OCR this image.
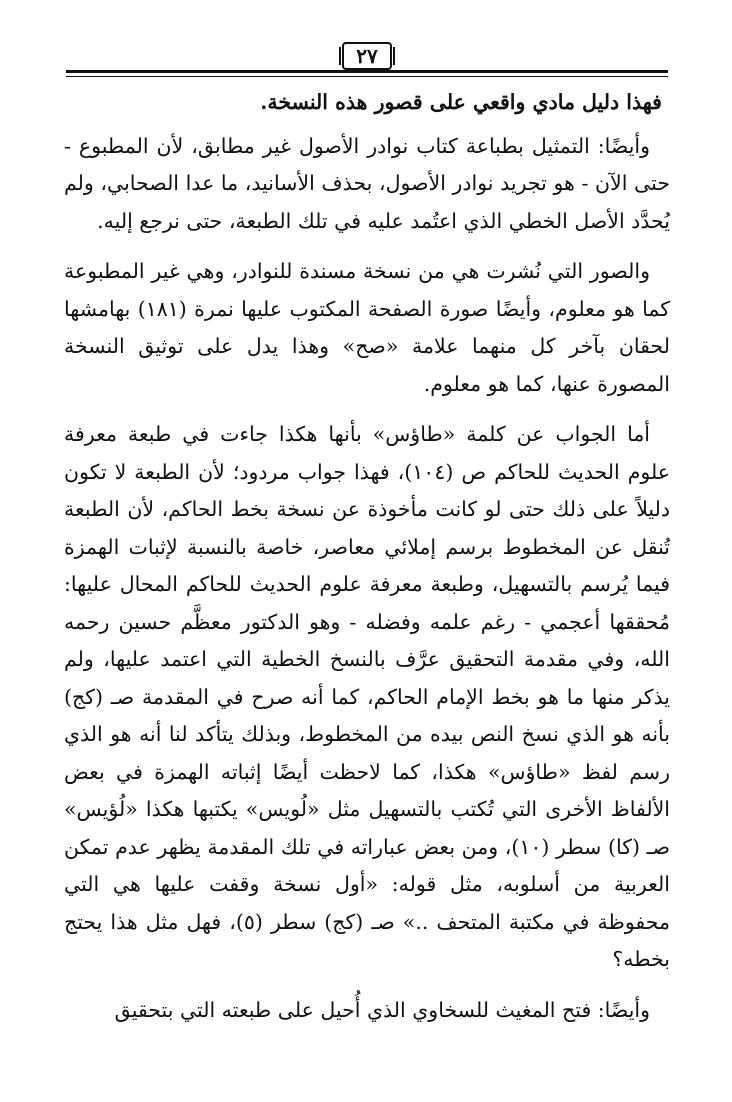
٢٧

فهذا دليل مادي واقعي على قصور هذه النسخة.

وأيضًا: التمثيل بطباعة كتاب نوادر الأصول غير مطابق، لأن المطبوع - حتى الآن - هو تجريد نوادر الأصول، بحذف الأسانيد، ما عدا الصحابي، ولم يُحدَّد الأصل الخطي الذي اعتُمد عليه في تلك الطبعة، حتى نرجع إليه.

والصور التي نُشرت هي من نسخة مسندة للنوادر، وهي غير المطبوعة كما هو معلوم، وأيضًا صورة الصفحة المكتوب عليها نمرة (١٨١) بهامشها لحقان بآخر كل منهما علامة «صح» وهذا يدل على توثيق النسخة المصورة عنها، كما هو معلوم.

أما الجواب عن كلمة «طاؤس» بأنها هكذا جاءت في طبعة معرفة علوم الحديث للحاكم ص (١٠٤)، فهذا جواب مردود؛ لأن الطبعة لا تكون دليلاً على ذلك حتى لو كانت مأخوذة عن نسخة بخط الحاكم، لأن الطبعة تُنقل عن المخطوط برسم إملائي معاصر، خاصة بالنسبة لإثبات الهمزة فيما يُرسم بالتسهيل، وطبعة معرفة علوم الحديث للحاكم المحال عليها: مُحققها أعجمي - رغم علمه وفضله - وهو الدكتور معظَّم حسين رحمه الله، وفي مقدمة التحقيق عرَّف بالنسخ الخطية التي اعتمد عليها، ولم يذكر منها ما هو بخط الإمام الحاكم، كما أنه صرح في المقدمة صـ (كج) بأنه هو الذي نسخ النص بيده من المخطوط، وبذلك يتأكد لنا أنه هو الذي رسم لفظ «طاؤس» هكذا، كما لاحظت أيضًا إثباته الهمزة في بعض الألفاظ الأخرى التي تُكتب بالتسهيل مثل «لُويس» يكتبها هكذا «لُؤيس» صـ (كا) سطر (١٠)، ومن بعض عباراته في تلك المقدمة يظهر عدم تمكن العربية من أسلوبه، مثل قوله: «أول نسخة وقفت عليها هي التي محفوظة في مكتبة المتحف ..» صـ (كج) سطر (٥)، فهل مثل هذا يحتج بخطه؟

وأيضًا: فتح المغيث للسخاوي الذي أُحيل على طبعته التي بتحقيق
